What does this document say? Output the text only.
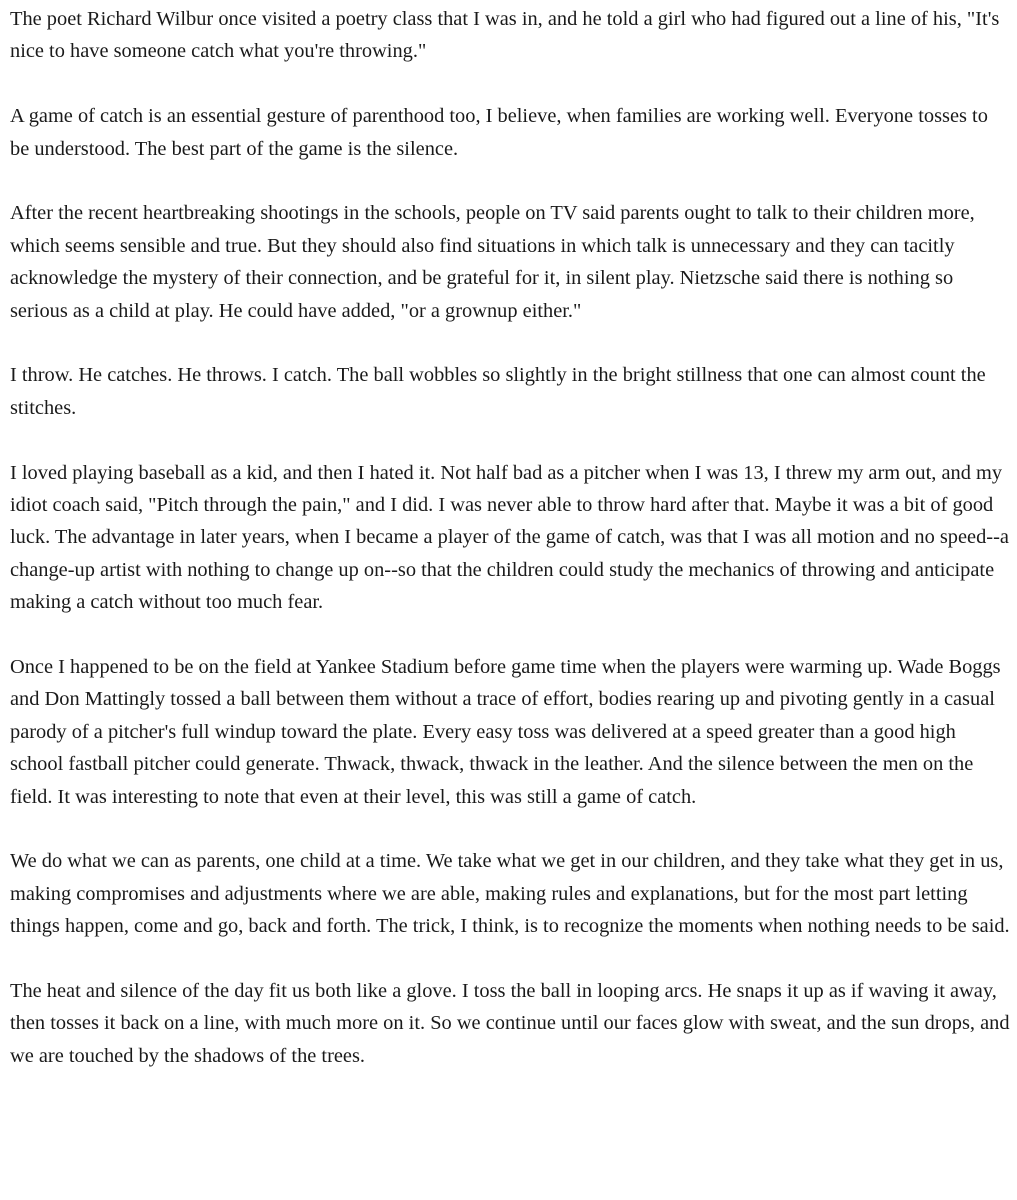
The poet Richard Wilbur once visited a poetry class that I was in, and he told a girl who had figured out a line of his, "It's nice to have someone catch what you're throwing."

A game of catch is an essential gesture of parenthood too, I believe, when families are working well. Everyone tosses to be understood. The best part of the game is the silence.

After the recent heartbreaking shootings in the schools, people on TV said parents ought to talk to their children more, which seems sensible and true. But they should also find situations in which talk is unnecessary and they can tacitly acknowledge the mystery of their connection, and be grateful for it, in silent play. Nietzsche said there is nothing so serious as a child at play. He could have added, "or a grownup either."

I throw. He catches. He throws. I catch. The ball wobbles so slightly in the bright stillness that one can almost count the stitches.

I loved playing baseball as a kid, and then I hated it. Not half bad as a pitcher when I was 13, I threw my arm out, and my idiot coach said, "Pitch through the pain," and I did. I was never able to throw hard after that. Maybe it was a bit of good luck. The advantage in later years, when I became a player of the game of catch, was that I was all motion and no speed--a change-up artist with nothing to change up on--so that the children could study the mechanics of throwing and anticipate making a catch without too much fear.

Once I happened to be on the field at Yankee Stadium before game time when the players were warming up. Wade Boggs and Don Mattingly tossed a ball between them without a trace of effort, bodies rearing up and pivoting gently in a casual parody of a pitcher's full windup toward the plate. Every easy toss was delivered at a speed greater than a good high school fastball pitcher could generate. Thwack, thwack, thwack in the leather. And the silence between the men on the field. It was interesting to note that even at their level, this was still a game of catch.

We do what we can as parents, one child at a time. We take what we get in our children, and they take what they get in us, making compromises and adjustments where we are able, making rules and explanations, but for the most part letting things happen, come and go, back and forth. The trick, I think, is to recognize the moments when nothing needs to be said.

The heat and silence of the day fit us both like a glove. I toss the ball in looping arcs. He snaps it up as if waving it away, then tosses it back on a line, with much more on it. So we continue until our faces glow with sweat, and the sun drops, and we are touched by the shadows of the trees.
